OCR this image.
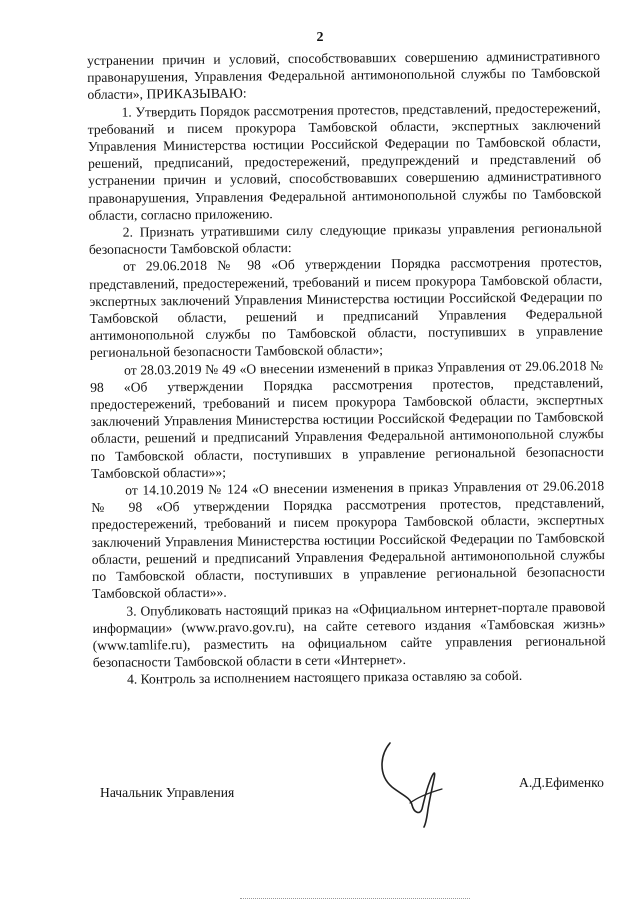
2

устранении причин и условий, способствовавших совершению административного правонарушения, Управления Федеральной антимонопольной службы по Тамбовской области», ПРИКАЗЫВАЮ:

1. Утвердить Порядок рассмотрения протестов, представлений, предостережений, требований и писем прокурора Тамбовской области, экспертных заключений Управления Министерства юстиции Российской Федерации по Тамбовской области, решений, предписаний, предостережений, предупреждений и представлений об устранении причин и условий, способствовавших совершению административного правонарушения, Управления Федеральной антимонопольной службы по Тамбовской области, согласно приложению.

2. Признать утратившими силу следующие приказы управления региональной безопасности Тамбовской области:

от 29.06.2018 № 98 «Об утверждении Порядка рассмотрения протестов, представлений, предостережений, требований и писем прокурора Тамбовской области, экспертных заключений Управления Министерства юстиции Российской Федерации по Тамбовской области, решений и предписаний Управления Федеральной антимонопольной службы по Тамбовской области, поступивших в управление региональной безопасности Тамбовской области»;

от 28.03.2019 № 49 «О внесении изменений в приказ Управления от 29.06.2018 № 98 «Об утверждении Порядка рассмотрения протестов, представлений, предостережений, требований и писем прокурора Тамбовской области, экспертных заключений Управления Министерства юстиции Российской Федерации по Тамбовской области, решений и предписаний Управления Федеральной антимонопольной службы по Тамбовской области, поступивших в управление региональной безопасности Тамбовской области»»;

от 14.10.2019 № 124 «О внесении изменения в приказ Управления от 29.06.2018 № 98 «Об утверждении Порядка рассмотрения протестов, представлений, предостережений, требований и писем прокурора Тамбовской области, экспертных заключений Управления Министерства юстиции Российской Федерации по Тамбовской области, решений и предписаний Управления Федеральной антимонопольной службы по Тамбовской области, поступивших в управление региональной безопасности Тамбовской области»».

3. Опубликовать настоящий приказ на «Официальном интернет-портале правовой информации» (www.pravo.gov.ru), на сайте сетевого издания «Тамбовская жизнь» (www.tamlife.ru), разместить на официальном сайте управления региональной безопасности Тамбовской области в сети «Интернет».

4. Контроль за исполнением настоящего приказа оставляю за собой.

Начальник Управления
А.Д.Ефименко
